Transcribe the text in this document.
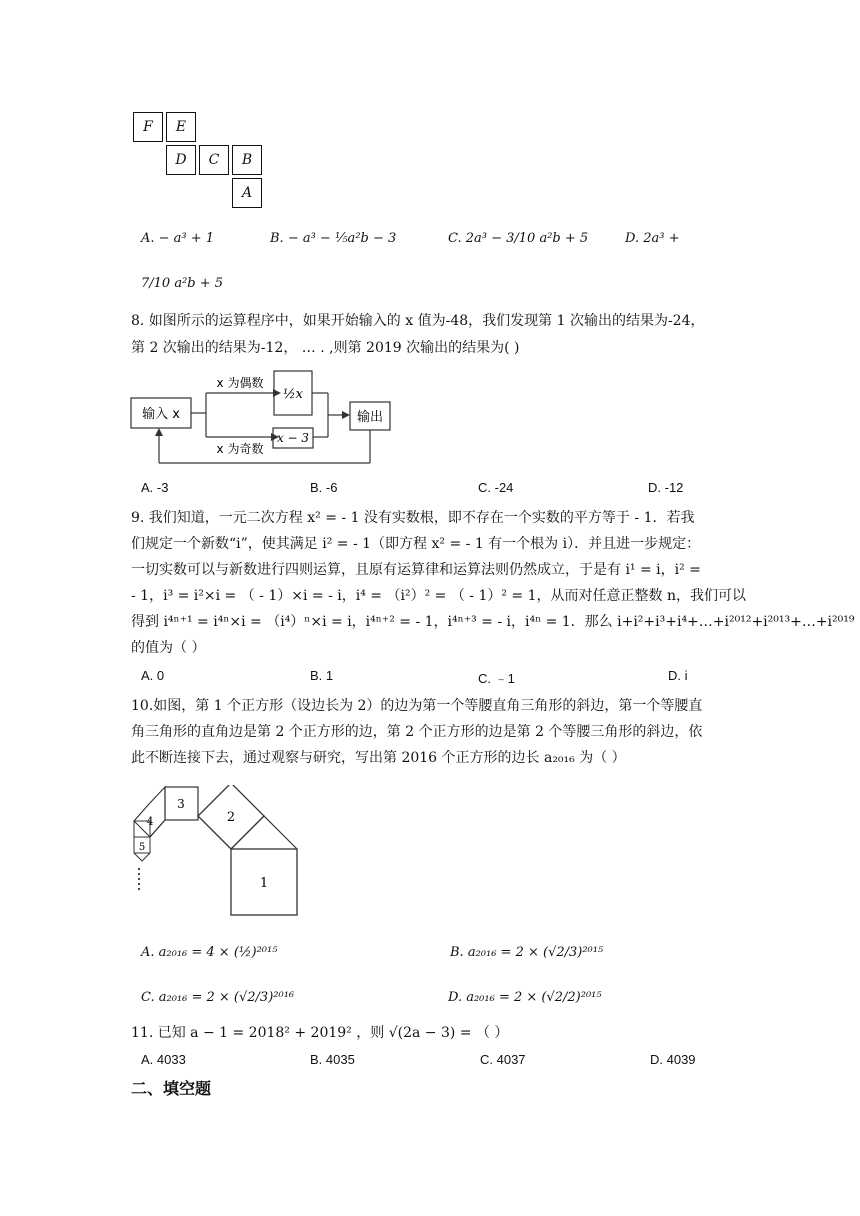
F	E
D	C	B
A
A. − a³ + 1	B. − a³ − ⅕a²b − 3	C. 2a³ − 3/10 a²b + 5	D. 2a³ +
7/10 a²b + 5
8. 如图所示的运算程序中，如果开始输入的 x 值为-48，我们发现第 1 次输出的结果为-24，
第 2 次输出的结果为-12， … . ,则第 2019 次输出的结果为( )
输入 x
x 为偶数
x 为奇数
½x
x − 3
输出
A. -3	B. -6	C. -24	D. -12
9. 我们知道，一元二次方程 x² = - 1 没有实数根，即不存在一个实数的平方等于 - 1．若我
们规定一个新数“i”，使其满足 i² = - 1（即方程 x² = - 1 有一个根为 i）．并且进一步规定：
一切实数可以与新数进行四则运算，且原有运算律和运算法则仍然成立，于是有 i¹ = i，i² =
- 1，i³ = i²×i = （ - 1）×i = - i，i⁴ = （i²）² = （ - 1）² = 1，从而对任意正整数 n，我们可以
得到 i⁴ⁿ⁺¹ = i⁴ⁿ×i = （i⁴）ⁿ×i = i，i⁴ⁿ⁺² = - 1，i⁴ⁿ⁺³ = - i，i⁴ⁿ = 1．那么 i+i²+i³+i⁴+…+i²⁰¹²+i²⁰¹³+…+i²⁰¹⁹
的值为（ ）
A. 0	B. 1	C. ﹣1	D. i
10.如图，第 1 个正方形（设边长为 2）的边为第一个等腰直角三角形的斜边，第一个等腰直
角三角形的直角边是第 2 个正方形的边，第 2 个正方形的边是第 2 个等腰三角形的斜边，依
此不断连接下去，通过观察与研究，写出第 2016 个正方形的边长 a₂₀₁₆ 为（ ）
1
2
3
4
5
A. a₂₀₁₆ = 4 × (½)²⁰¹⁵	B. a₂₀₁₆ = 2 × (√2/3)²⁰¹⁵
C. a₂₀₁₆ = 2 × (√2/3)²⁰¹⁶	D. a₂₀₁₆ = 2 × (√2/2)²⁰¹⁵
11. 已知 a − 1 = 2018² + 2019² ，则 √(2a − 3) = （ ）
A. 4033	B. 4035	C. 4037	D. 4039
二、填空题
